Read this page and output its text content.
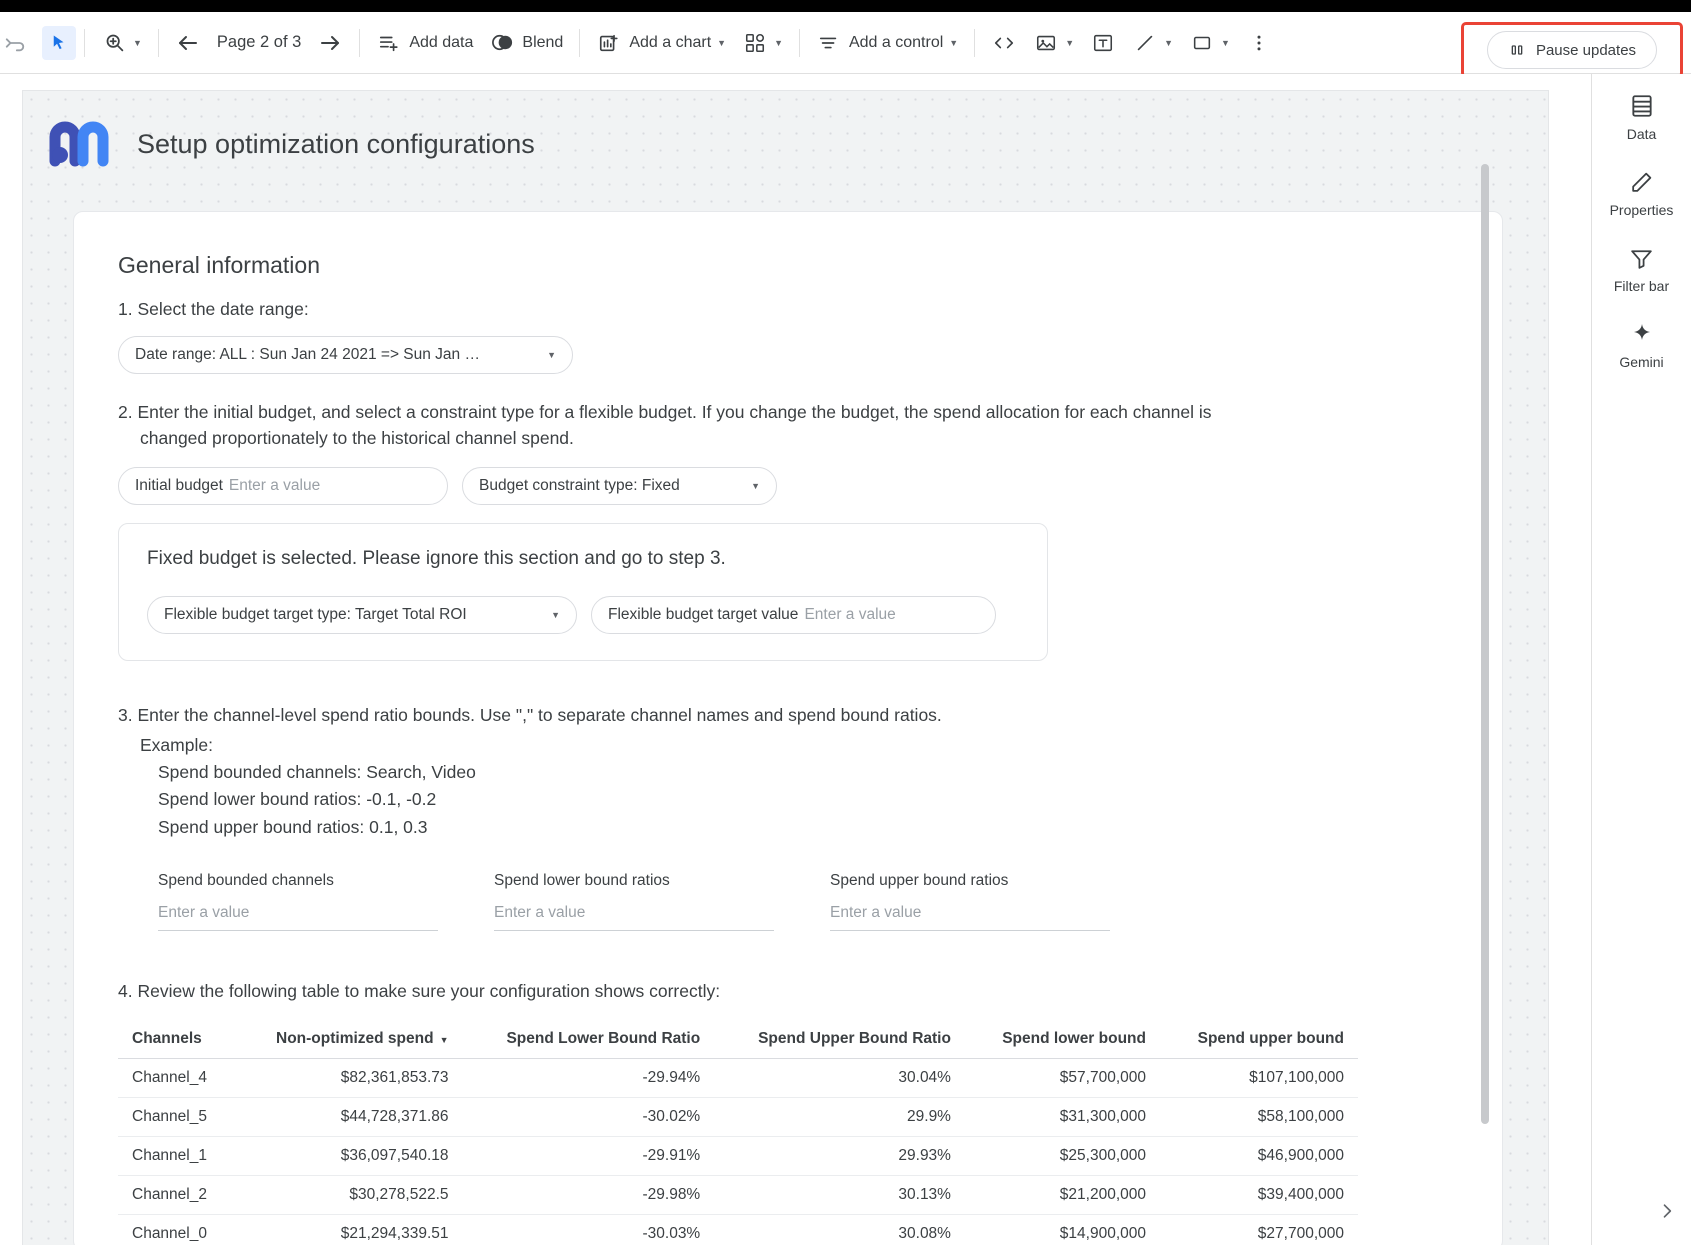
▼	Page 2 of 3	Add data	Blend	Add a chart ▼	▼	Add a control ▼	▼	▼	▼	Pause updates
Setup optimization configurations
General information

1. Select the date range:

Date range: ALL : Sun Jan 24 2021 => Sun Jan …	▼

2. Enter the initial budget, and select a constraint type for a flexible budget. If you change the budget, the spend allocation for each channel is changed proportionately to the historical channel spend.

Initial budget Enter a value	Budget constraint type: Fixed	▼

Fixed budget is selected. Please ignore this section and go to step 3.

Flexible budget target type: Target Total ROI	▼	Flexible budget target value Enter a value

3. Enter the channel-level spend ratio bounds. Use "," to separate channel names and spend bound ratios.

Example:

Spend bounded channels: Search, Video

Spend lower bound ratios: -0.1, -0.2

Spend upper bound ratios: 0.1, 0.3

Spend bounded channels
Enter a value
Spend lower bound ratios
Enter a value
Spend upper bound ratios
Enter a value

4. Review the following table to make sure your configuration shows correctly:

Channels	Non-optimized spend ▼	Spend Lower Bound Ratio	Spend Upper Bound Ratio	Spend lower bound	Spend upper bound
Channel_4	$82,361,853.73	-29.94%	30.04%	$57,700,000	$107,100,000
Channel_5	$44,728,371.86	-30.02%	29.9%	$31,300,000	$58,100,000
Channel_1	$36,097,540.18	-29.91%	29.93%	$25,300,000	$46,900,000
Channel_2	$30,278,522.5	-29.98%	30.13%	$21,200,000	$39,400,000
Channel_0	$21,294,339.51	-30.03%	30.08%	$14,900,000	$27,700,000
Data
Properties
Filter bar
Gemini
